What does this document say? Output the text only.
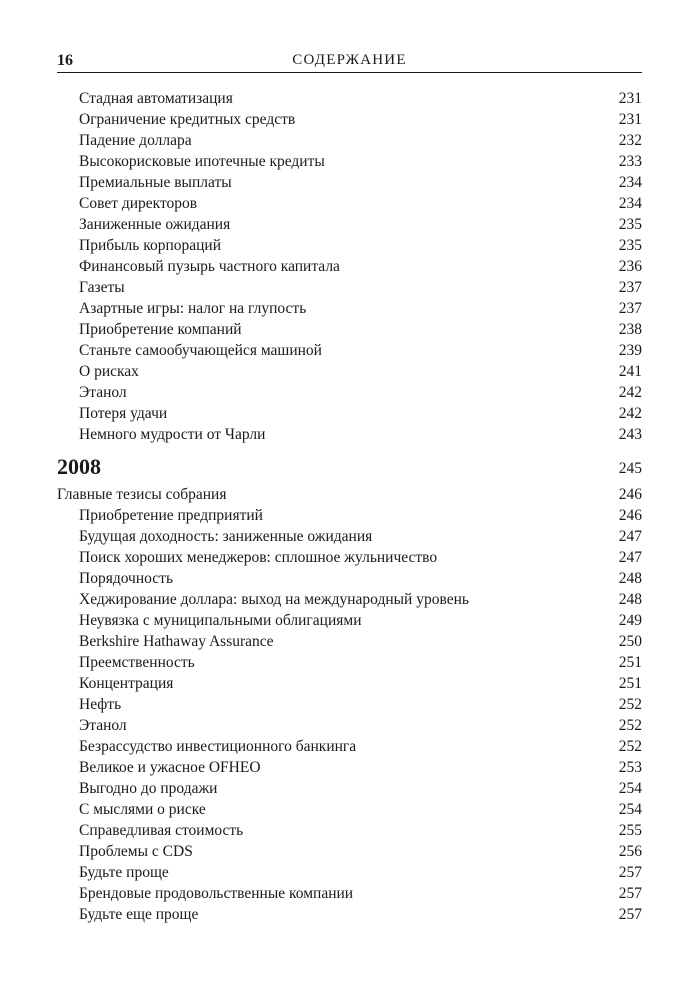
16	СОДЕРЖАНИЕ
Стадная автоматизация	231
Ограничение кредитных средств	231
Падение доллара	232
Высокорисковые ипотечные кредиты	233
Премиальные выплаты	234
Совет директоров	234
Заниженные ожидания	235
Прибыль корпораций	235
Финансовый пузырь частного капитала	236
Газеты	237
Азартные игры: налог на глупость	237
Приобретение компаний	238
Станьте самообучающейся машиной	239
О рисках	241
Этанол	242
Потеря удачи	242
Немного мудрости от Чарли	243
2008	245
Главные тезисы собрания	246
Приобретение предприятий	246
Будущая доходность: заниженные ожидания	247
Поиск хороших менеджеров: сплошное жульничество	247
Порядочность	248
Хеджирование доллара: выход на международный уровень	248
Неувязка с муниципальными облигациями	249
Berkshire Hathaway Assurance	250
Преемственность	251
Концентрация	251
Нефть	252
Этанол	252
Безрассудство инвестиционного банкинга	252
Великое и ужасное OFHEO	253
Выгодно до продажи	254
С мыслями о риске	254
Справедливая стоимость	255
Проблемы с CDS	256
Будьте проще	257
Брендовые продовольственные компании	257
Будьте еще проще	257
